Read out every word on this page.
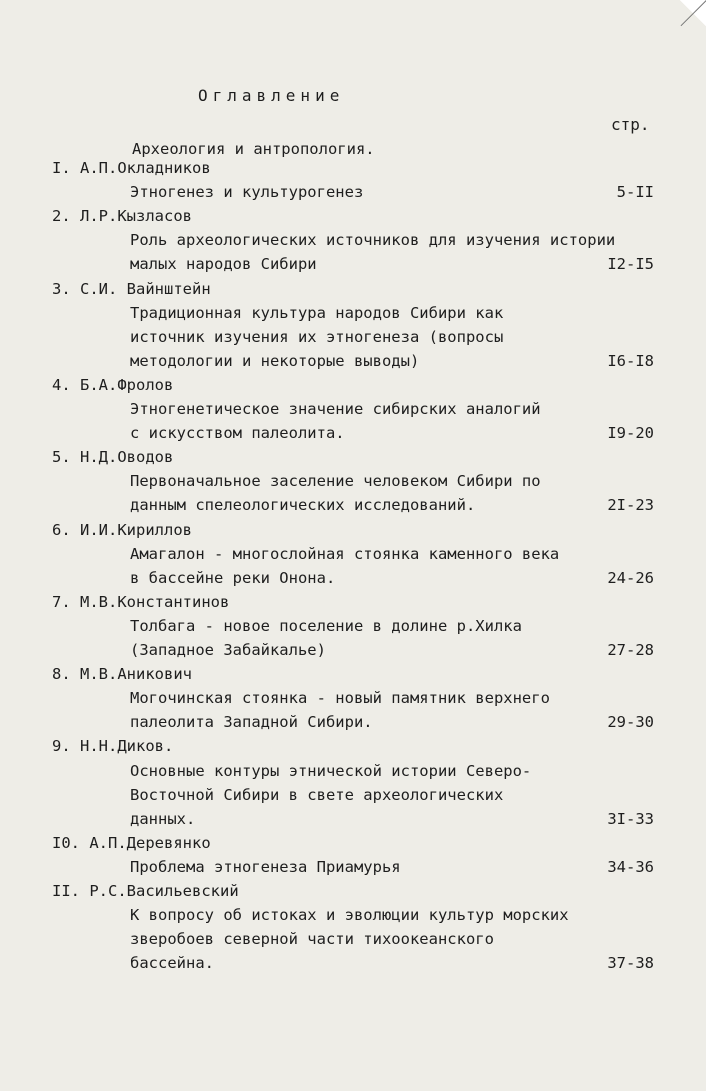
Оглавление
стр.
Археология и антропология.
I. А.П.Окладников
Этногенез и культурогенез	5-II
2. Л.Р.Кызласов
Роль археологических источников для изучения истории
малых народов Сибири	I2-I5
3. С.И. Вайнштейн
Традиционная культура народов Сибири как
источник изучения их этногенеза (вопросы
методологии и некоторые выводы)	I6-I8
4. Б.А.Фролов
Этногенетическое значение сибирских аналогий
с искусством палеолита.	I9-20
5. Н.Д.Оводов
Первоначальное заселение человеком Сибири по
данным спелеологических исследований.	2I-23
6. И.И.Кириллов
Амагалон - многослойная стоянка каменного века
в бассейне реки Онона.	24-26
7. М.В.Константинов
Толбага - новое поселение в долине р.Хилка
(Западное Забайкалье)	27-28
8. М.В.Аникович
Могочинская стоянка - новый памятник верхнего
палеолита Западной Сибири.	29-30
9. Н.Н.Диков.
Основные контуры этнической истории Северо-
Восточной Сибири в свете археологических
данных.	3I-33
I0. А.П.Деревянко
Проблема этногенеза Приамурья	34-36
II. Р.С.Васильевский
К вопросу об истоках и эволюции культур морских
зверобоев северной части тихоокеанского
бассейна.	37-38
